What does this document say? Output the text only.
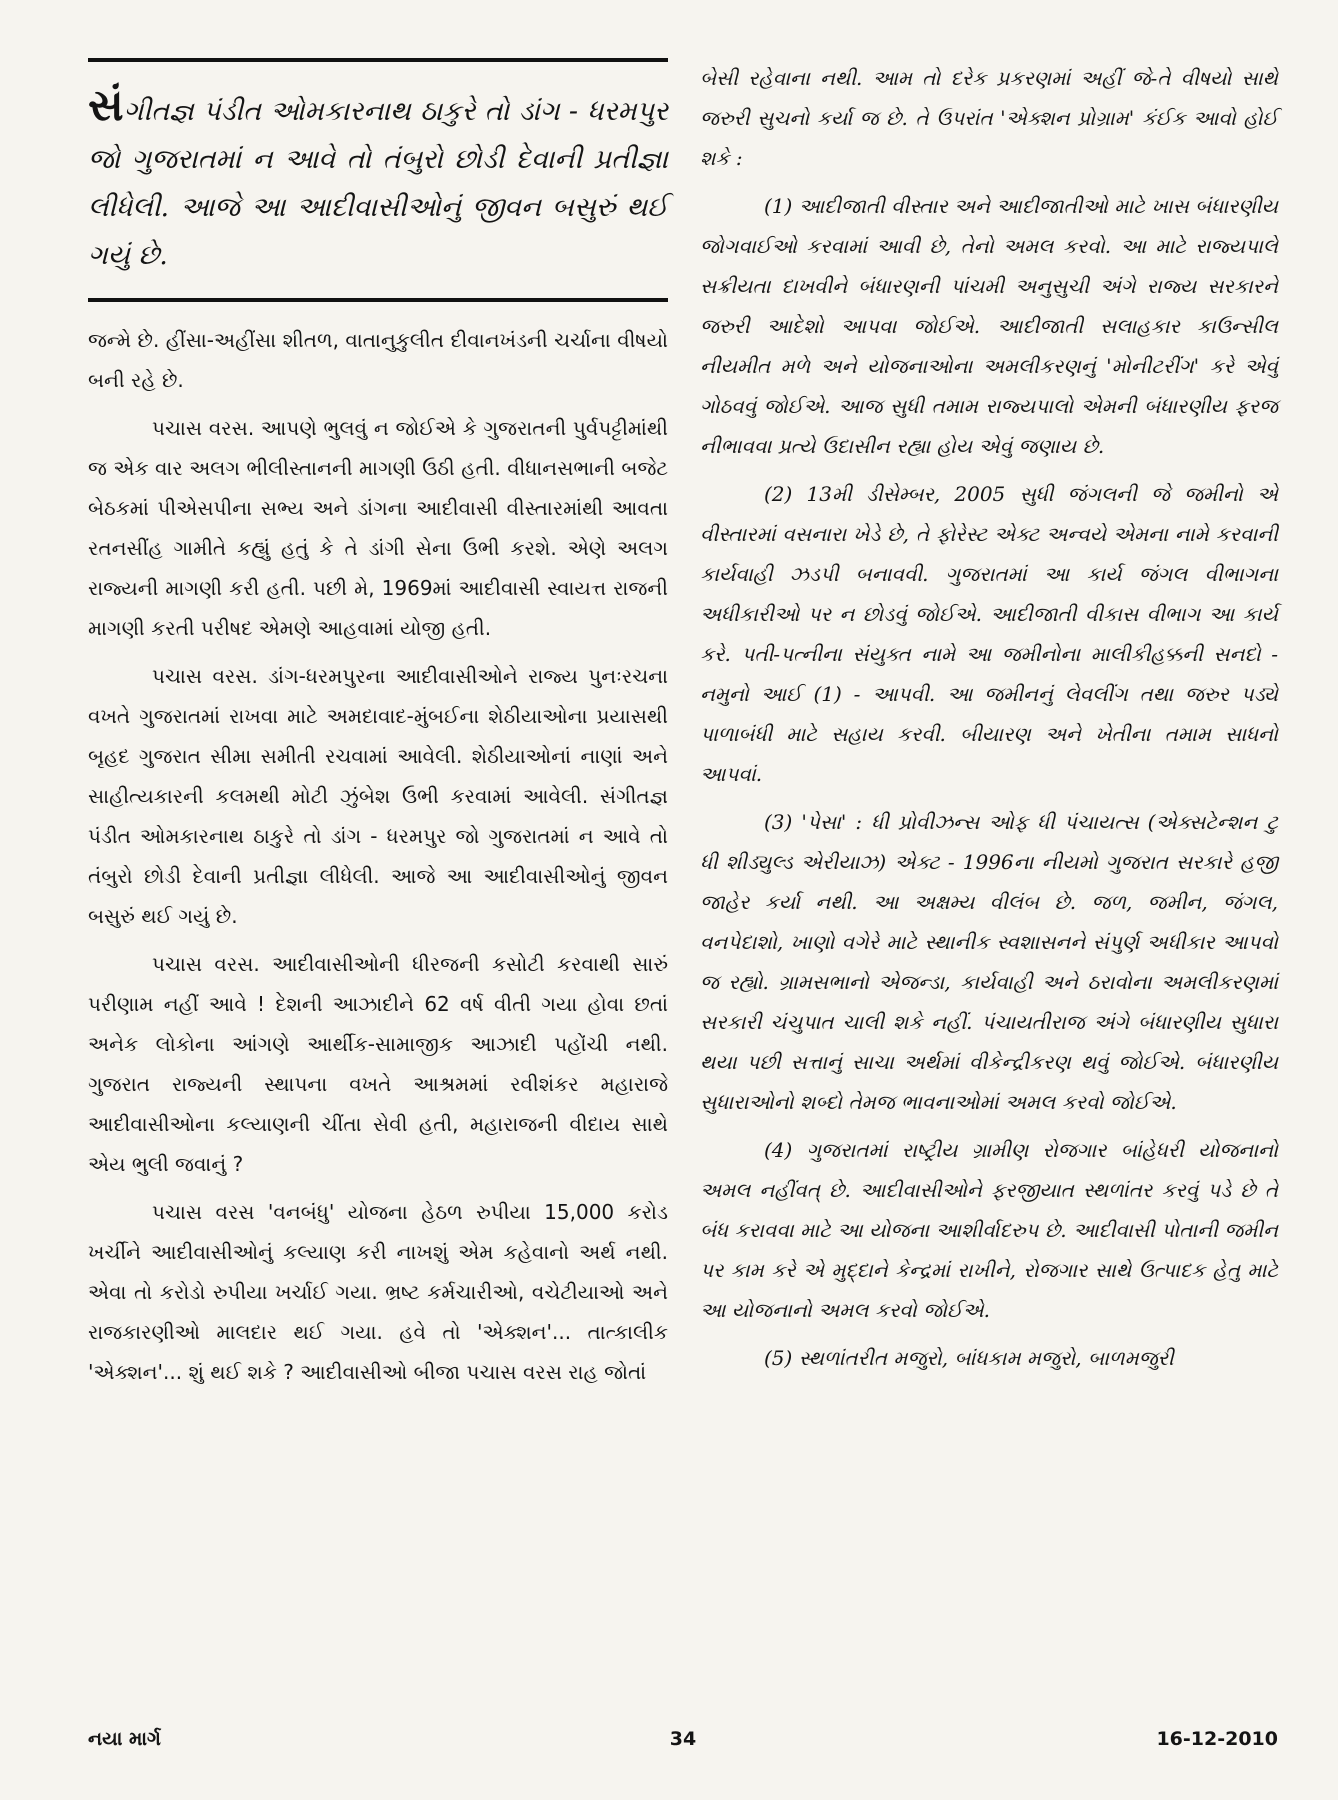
સંગીતજ્ઞ પંડીત ઓમકારનાથ ઠાકુરે તો ડાંગ - ધરમપુર જો ગુજરાતમાં ન આવે તો તંબુરો છોડી દેવાની પ્રતીજ્ઞા લીધેલી. આજે આ આદીવાસીઓનું જીવન બસુરું થઈ ગયું છે.

જન્મે છે. હીંસા-અહીંસા શીતળ, વાતાનુકુલીત દીવાનખંડની ચર્ચાના વીષયો બની રહે છે.

પચાસ વરસ. આપણે ભુલવું ન જોઈએ કે ગુજરાતની પુર્વપટ્ટીમાંથી જ એક વાર અલગ ભીલીસ્તાનની માગણી ઉઠી હતી. વીધાનસભાની બજેટ બેઠકમાં પીએસપીના સભ્ય અને ડાંગના આદીવાસી વીસ્તારમાંથી આવતા રતનસીંહ ગામીતે કહ્યું હતું કે તે ડાંગી સેના ઉભી કરશે. એણે અલગ રાજ્યની માગણી કરી હતી. પછી મે, 1969માં આદીવાસી સ્વાયત્ત રાજની માગણી કરતી પરીષદ એમણે આહવામાં યોજી હતી.

પચાસ વરસ. ડાંગ-ધરમપુરના આદીવાસીઓને રાજ્ય પુનઃરચના વખતે ગુજરાતમાં રાખવા માટે અમદાવાદ-મુંબઈના શેઠીયાઓના પ્રયાસથી બૃહદ ગુજરાત સીમા સમીતી રચવામાં આવેલી. શેઠીયાઓનાં નાણાં અને સાહીત્યકારની કલમથી મોટી ઝુંબેશ ઉભી કરવામાં આવેલી. સંગીતજ્ઞ પંડીત ઓમકારનાથ ઠાકુરે તો ડાંગ - ધરમપુર જો ગુજરાતમાં ન આવે તો તંબુરો છોડી દેવાની પ્રતીજ્ઞા લીધેલી. આજે આ આદીવાસીઓનું જીવન બસુરું થઈ ગયું છે.

પચાસ વરસ. આદીવાસીઓની ધીરજની કસોટી કરવાથી સારું પરીણામ નહીં આવે ! દેશની આઝાદીને 62 વર્ષ વીતી ગયા હોવા છતાં અનેક લોકોના આંગણે આર્થીક-સામાજીક આઝાદી પહોંચી નથી. ગુજરાત રાજ્યની સ્થાપના વખતે આશ્રમમાં રવીશંકર મહારાજે આદીવાસીઓના કલ્યાણની ચીંતા સેવી હતી, મહારાજની વીદાય સાથે એય ભુલી જવાનું ?

પચાસ વરસ 'વનબંધુ' યોજના હેઠળ રુપીયા 15,000 કરોડ ખર્ચીને આદીવાસીઓનું કલ્યાણ કરી નાખશું એમ કહેવાનો અર્થ નથી. એવા તો કરોડો રુપીયા ખર્ચાઈ ગયા. ભ્રષ્ટ કર્મચારીઓ, વચેટીયાઓ અને રાજકારણીઓ માલદાર થઈ ગયા. હવે તો 'એક્શન'... તાત્કાલીક 'એક્શન'... શું થઈ શકે ? આદીવાસીઓ બીજા પચાસ વરસ રાહ જોતાં

બેસી રહેવાના નથી. આમ તો દરેક પ્રકરણમાં અહીં જે-તે વીષયો સાથે જરુરી સુચનો કર્યા જ છે. તે ઉપરાંત 'એક્શન પ્રોગ્રામ' કંઈક આવો હોઈ શકે :

(1) આદીજાતી વીસ્તાર અને આદીજાતીઓ માટે ખાસ બંધારણીય જોગવાઈઓ કરવામાં આવી છે, તેનો અમલ કરવો. આ માટે રાજ્યપાલે સક્રીયતા દાખવીને બંધારણની પાંચમી અનુસુચી અંગે રાજ્ય સરકારને જરુરી આદેશો આપવા જોઈએ. આદીજાતી સલાહકાર કાઉન્સીલ નીયમીત મળે અને યોજનાઓના અમલીકરણનું 'મોનીટરીંગ' કરે એવું ગોઠવવું જોઈએ. આજ સુધી તમામ રાજ્યપાલો એમની બંધારણીય ફરજ નીભાવવા પ્રત્યે ઉદાસીન રહ્યા હોય એવું જણાય છે.

(2) 13મી ડીસેમ્બર, 2005 સુધી જંગલની જે જમીનો એ વીસ્તારમાં વસનારા ખેડે છે, તે ફોરેસ્ટ એક્ટ અન્વયે એમના નામે કરવાની કાર્યવાહી ઝડપી બનાવવી. ગુજરાતમાં આ કાર્ય જંગલ વીભાગના અધીકારીઓ પર ન છોડવું જોઈએ. આદીજાતી વીકાસ વીભાગ આ કાર્ય કરે. પતી-પત્નીના સંયુક્ત નામે આ જમીનોના માલીકીહક્કની સનદો - નમુનો આઈ (1) - આપવી. આ જમીનનું લેવલીંગ તથા જરુર પડ્યે પાળાબંધી માટે સહાય કરવી. બીયારણ અને ખેતીના તમામ સાધનો આપવાં.

(3) 'પેસા' : ધી પ્રોવીઝન્સ ઓફ ધી પંચાયત્સ (એક્સટેન્શન ટુ ધી શીડ્યુલ્ડ એરીયાઝ) એક્ટ - 1996ના નીયમો ગુજરાત સરકારે હજી જાહેર કર્યા નથી. આ અક્ષમ્ય વીલંબ છે. જળ, જમીન, જંગલ, વનપેદાશો, ખાણો વગેરે માટે સ્થાનીક સ્વશાસનને સંપુર્ણ અધીકાર આપવો જ રહ્યો. ગ્રામસભાનો એજન્ડા, કાર્યવાહી અને ઠરાવોના અમલીકરણમાં સરકારી ચંચુપાત ચાલી શકે નહીં. પંચાયતીરાજ અંગે બંધારણીય સુધારા થયા પછી સત્તાનું સાચા અર્થમાં વીકેન્દ્રીકરણ થવું જોઈએ. બંધારણીય સુધારાઓનો શબ્દો તેમજ ભાવનાઓમાં અમલ કરવો જોઈએ.

(4) ગુજરાતમાં રાષ્ટ્રીય ગ્રામીણ રોજગાર બાંહેધરી યોજનાનો અમલ નહીંવત્ છે. આદીવાસીઓને ફરજીયાત સ્થળાંતર કરવું પડે છે તે બંધ કરાવવા માટે આ યોજના આશીર્વાદરુપ છે. આદીવાસી પોતાની જમીન પર કામ કરે એ મુદ્દાને કેન્દ્રમાં રાખીને, રોજગાર સાથે ઉત્પાદક હેતુ માટે આ યોજનાનો અમલ કરવો જોઈએ.

(5) સ્થળાંતરીત મજુરો, બાંધકામ મજુરો, બાળમજુરી

34
નયા માર્ગ	16-12-2010
